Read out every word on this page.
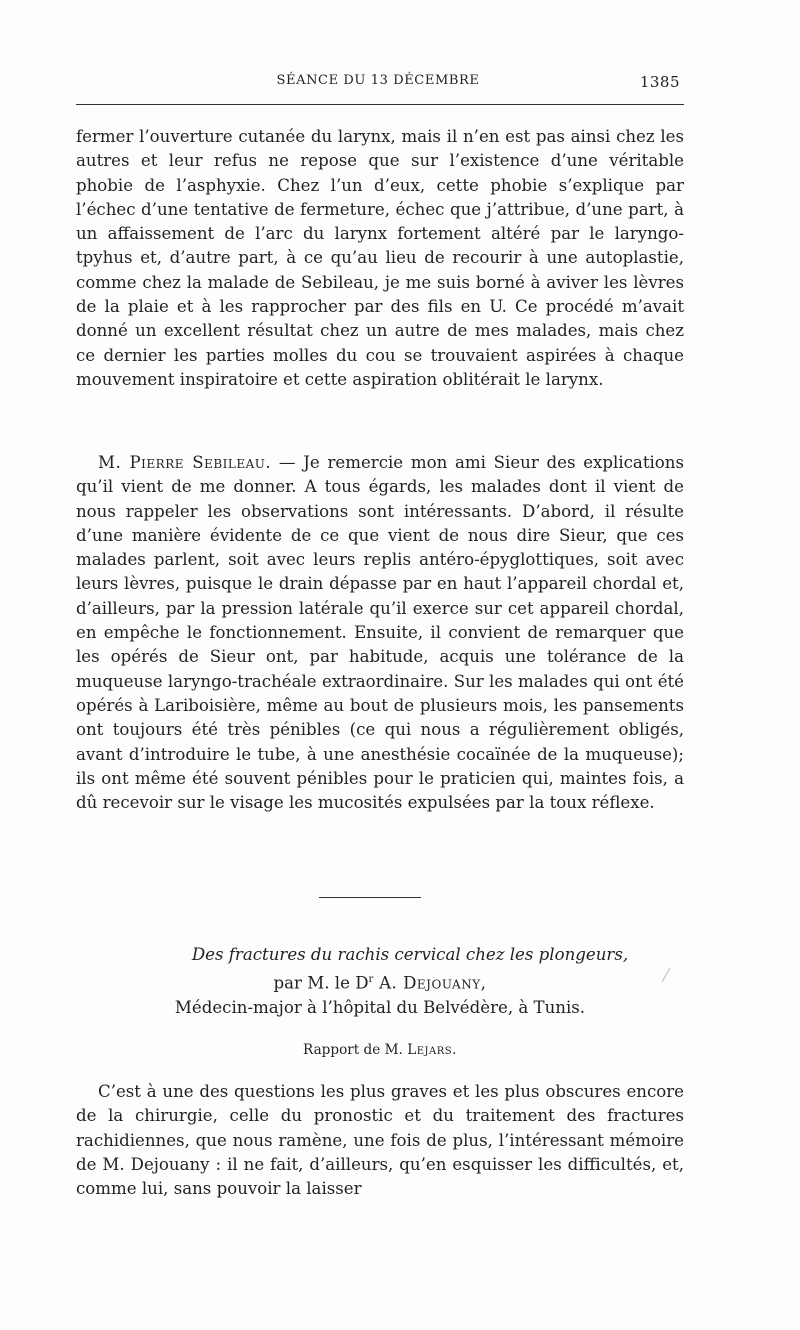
SÉANCE DU 13 DÉCEMBRE	1385

fermer l’ouverture cutanée du larynx, mais il n’en est pas ainsi chez les autres et leur refus ne repose que sur l’existence d’une véritable phobie de l’asphyxie. Chez l’un d’eux, cette phobie s’explique par l’échec d’une tentative de fermeture, échec que j’attribue, d’une part, à un affaissement de l’arc du larynx fortement altéré par le laryngo-tpyhus et, d’autre part, à ce qu’au lieu de recourir à une autoplastie, comme chez la malade de Sebileau, je me suis borné à aviver les lèvres de la plaie et à les rapprocher par des fils en U. Ce procédé m’avait donné un excellent résultat chez un autre de mes malades, mais chez ce dernier les parties molles du cou se trouvaient aspirées à chaque mouvement inspiratoire et cette aspiration oblitérait le larynx.

M. Pierre Sebileau. — Je remercie mon ami Sieur des explications qu’il vient de me donner. A tous égards, les malades dont il vient de nous rappeler les observations sont intéressants. D’abord, il résulte d’une manière évidente de ce que vient de nous dire Sieur, que ces malades parlent, soit avec leurs replis antéro-épyglottiques, soit avec leurs lèvres, puisque le drain dépasse par en haut l’appareil chordal et, d’ailleurs, par la pression latérale qu’il exerce sur cet appareil chordal, en empêche le fonctionnement. Ensuite, il convient de remarquer que les opérés de Sieur ont, par habitude, acquis une tolérance de la muqueuse laryngo-trachéale extraordinaire. Sur les malades qui ont été opérés à Lariboisière, même au bout de plusieurs mois, les pansements ont toujours été très pénibles (ce qui nous a régulièrement obligés, avant d’introduire le tube, à une anesthésie cocaïnée de la muqueuse); ils ont même été souvent pénibles pour le praticien qui, maintes fois, a dû recevoir sur le visage les mucosités expulsées par la toux réflexe.

Des fractures du rachis cervical chez les plongeurs,
par M. le $D^r$ A. Dejouany,
Médecin-major à l’hôpital du Belvédère, à Tunis.
Rapport de M. Lejars.

C’est à une des questions les plus graves et les plus obscures encore de la chirurgie, celle du pronostic et du traitement des fractures rachidiennes, que nous ramène, une fois de plus, l’intéressant mémoire de M. Dejouany : il ne fait, d’ailleurs, qu’en esquisser les difficultés, et, comme lui, sans pouvoir la laisser
